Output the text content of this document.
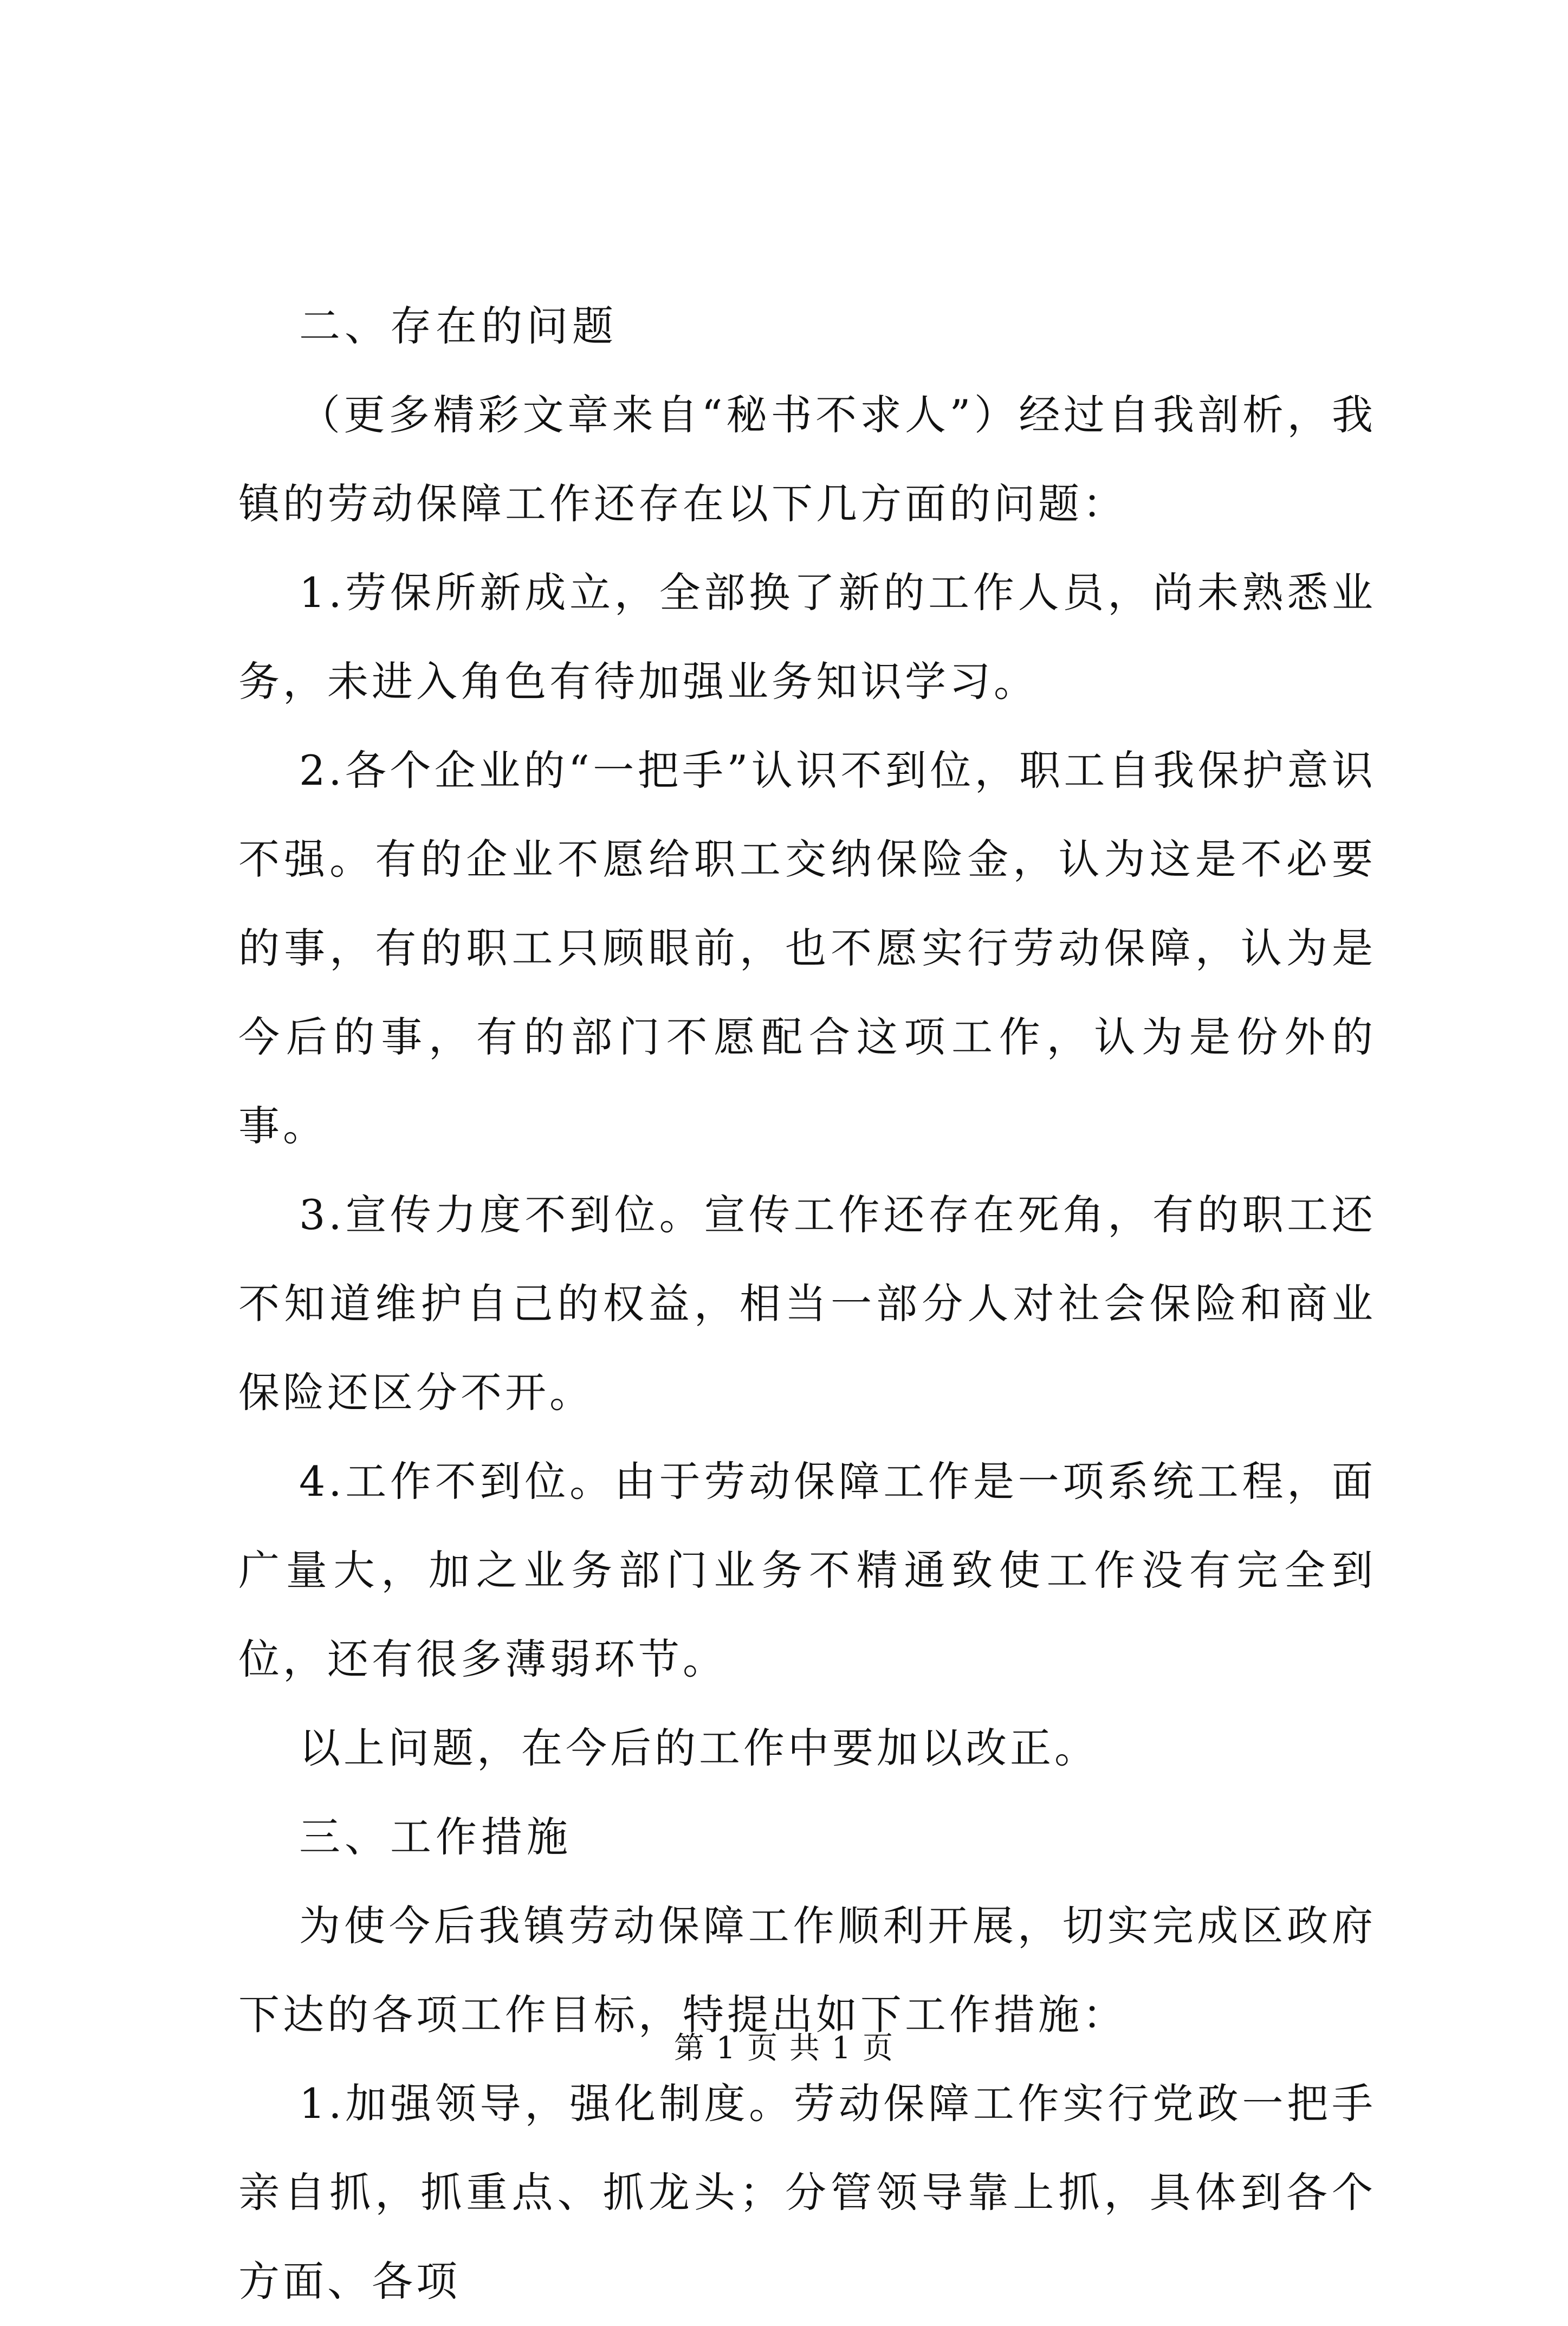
二、存在的问题

（更多精彩文章来自“秘书不求人”）经过自我剖析，我镇的劳动保障工作还存在以下几方面的问题：

1.劳保所新成立，全部换了新的工作人员，尚未熟悉业务，未进入角色有待加强业务知识学习。

2.各个企业的“一把手”认识不到位，职工自我保护意识不强。有的企业不愿给职工交纳保险金，认为这是不必要的事，有的职工只顾眼前，也不愿实行劳动保障，认为是今后的事，有的部门不愿配合这项工作，认为是份外的事。

3.宣传力度不到位。宣传工作还存在死角，有的职工还不知道维护自己的权益，相当一部分人对社会保险和商业保险还区分不开。

4.工作不到位。由于劳动保障工作是一项系统工程，面广量大，加之业务部门业务不精通致使工作没有完全到位，还有很多薄弱环节。

以上问题，在今后的工作中要加以改正。

三、工作措施

为使今后我镇劳动保障工作顺利开展，切实完成区政府下达的各项工作目标，特提出如下工作措施：

1.加强领导，强化制度。劳动保障工作实行党政一把手亲自抓，抓重点、抓龙头；分管领导靠上抓，具体到各个方面、各项

第 1 页 共 1 页
